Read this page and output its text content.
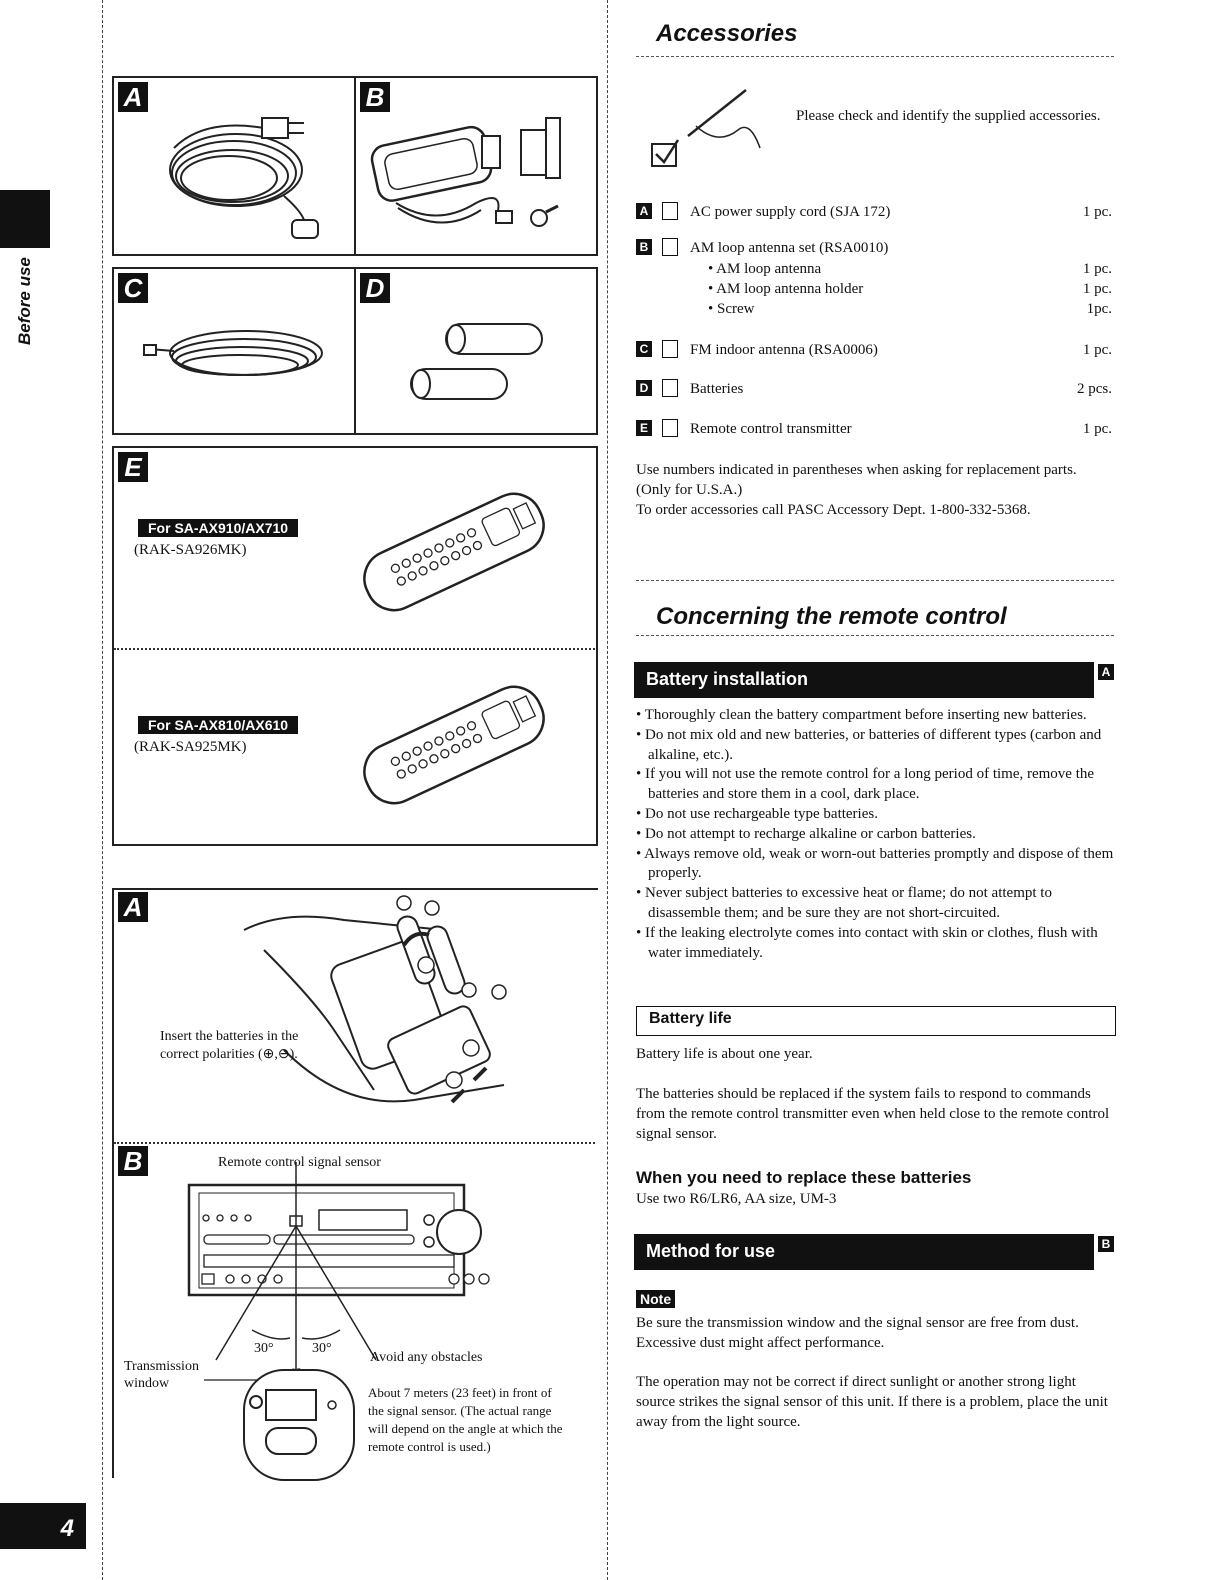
Before use
4
A	B
C	D
E
For SA-AX910/AX710
(RAK-SA926MK)
For SA-AX810/AX610
(RAK-SA925MK)
A
Insert the batteries in the correct polarities (⊕,⊖).
B	Remote control signal sensor
30°	30°
Avoid any obstacles
Transmission window
About 7 meters (23 feet) in front of the signal sensor. (The actual range will depend on the angle at which the remote control is used.)
Accessories
Please check and identify the supplied accessories.
A	AC power supply cord (SJA 172)	1 pc.
B	AM loop antenna set (RSA0010)
• AM loop antenna	1 pc.
• AM loop antenna holder	1 pc.
• Screw	1pc.
C	FM indoor antenna (RSA0006)	1 pc.
D	Batteries	2 pcs.
E	Remote control transmitter	1 pc.
Use numbers indicated in parentheses when asking for replacement parts.
(Only for U.S.A.)
To order accessories call PASC Accessory Dept. 1-800-332-5368.
Concerning the remote control
Battery installation	A
• Thoroughly clean the battery compartment before inserting new batteries.
• Do not mix old and new batteries, or batteries of different types (carbon and alkaline, etc.).
• If you will not use the remote control for a long period of time, remove the batteries and store them in a cool, dark place.
• Do not use rechargeable type batteries.
• Do not attempt to recharge alkaline or carbon batteries.
• Always remove old, weak or worn-out batteries promptly and dispose of them properly.
• Never subject batteries to excessive heat or flame; do not attempt to disassemble them; and be sure they are not short-circuited.
• If the leaking electrolyte comes into contact with skin or clothes, flush with water immediately.
Battery life

Battery life is about one year.

The batteries should be replaced if the system fails to respond to commands from the remote control transmitter even when held close to the remote control signal sensor.

When you need to replace these batteries

Use two R6/LR6, AA size, UM-3

Method for use	B
Note

Be sure the transmission window and the signal sensor are free from dust. Excessive dust might affect performance.

The operation may not be correct if direct sunlight or another strong light source strikes the signal sensor of this unit. If there is a problem, place the unit away from the light source.
